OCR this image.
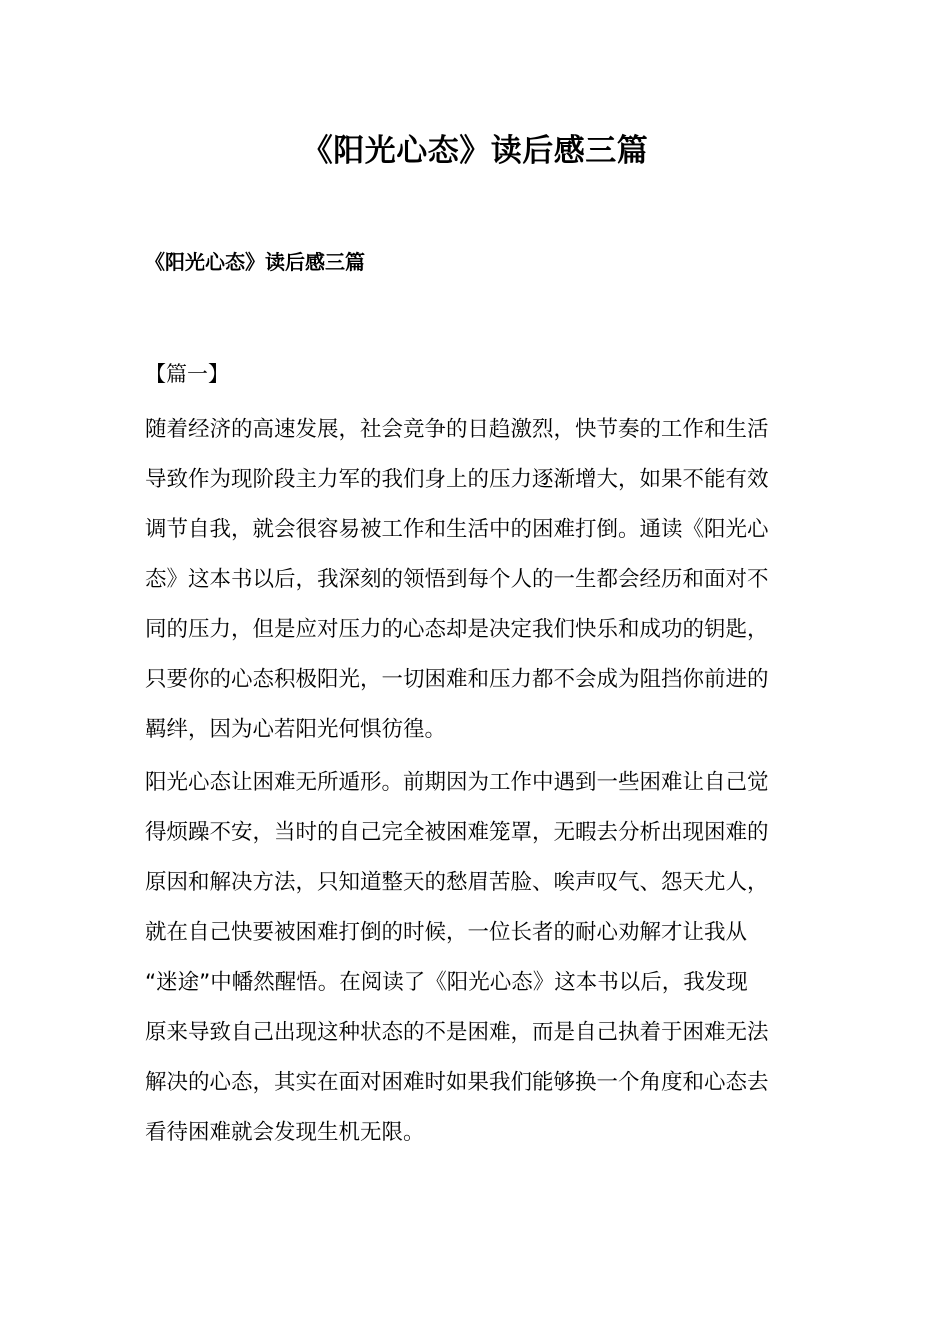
《阳光心态》读后感三篇
《阳光心态》读后感三篇
【篇一】

随着经济的高速发展，社会竞争的日趋激烈，快节奏的工作和生活
导致作为现阶段主力军的我们身上的压力逐渐增大，如果不能有效
调节自我，就会很容易被工作和生活中的困难打倒。通读《阳光心
态》这本书以后，我深刻的领悟到每个人的一生都会经历和面对不
同的压力，但是应对压力的心态却是决定我们快乐和成功的钥匙，
只要你的心态积极阳光，一切困难和压力都不会成为阻挡你前进的
羁绊，因为心若阳光何惧彷徨。

阳光心态让困难无所遁形。前期因为工作中遇到一些困难让自己觉
得烦躁不安，当时的自己完全被困难笼罩，无暇去分析出现困难的
原因和解决方法，只知道整天的愁眉苦脸、唉声叹气、怨天尤人，
就在自己快要被困难打倒的时候，一位长者的耐心劝解才让我从
“迷途”中幡然醒悟。在阅读了《阳光心态》这本书以后，我发现
原来导致自己出现这种状态的不是困难，而是自己执着于困难无法
解决的心态，其实在面对困难时如果我们能够换一个角度和心态去
看待困难就会发现生机无限。
